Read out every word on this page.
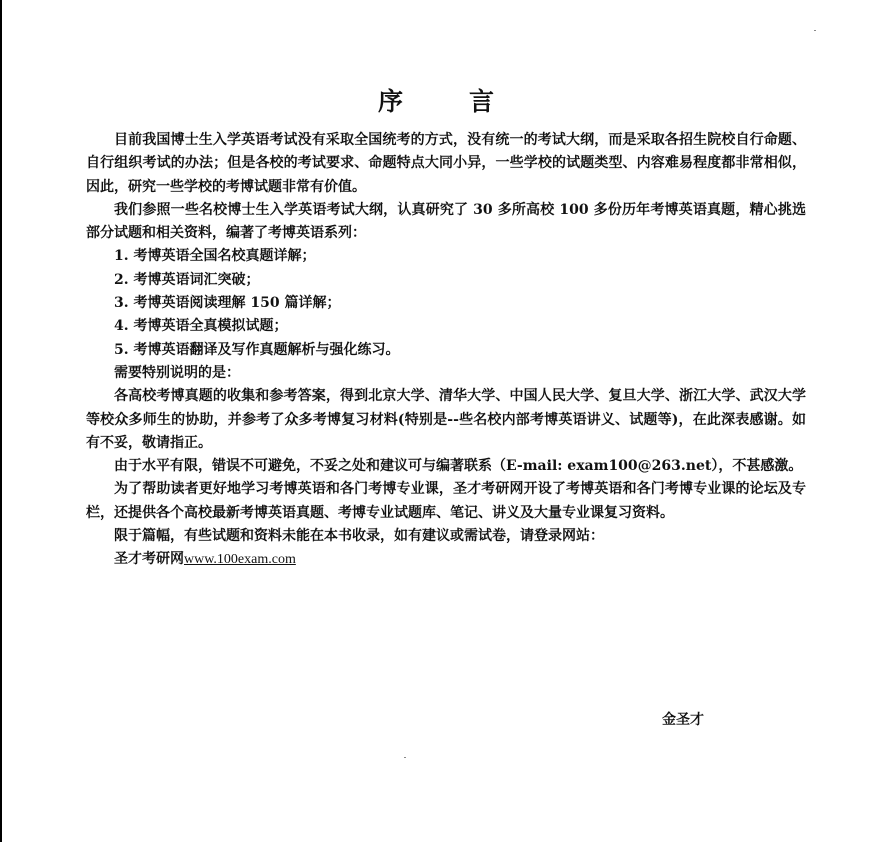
序	言

目前我国博士生入学英语考试没有采取全国统考的方式，没有统一的考试大纲，而是采取各招生院校自行命题、自行组织考试的办法；但是各校的考试要求、命题特点大同小异，一些学校的试题类型、内容难易程度都非常相似，因此，研究一些学校的考博试题非常有价值。

我们参照一些名校博士生入学英语考试大纲，认真研究了 30 多所高校 100 多份历年考博英语真题，精心挑选部分试题和相关资料，编著了考博英语系列：

1. 考博英语全国名校真题详解；

2. 考博英语词汇突破；

3. 考博英语阅读理解 150 篇详解；

4. 考博英语全真模拟试题；

5. 考博英语翻译及写作真题解析与强化练习。

需要特别说明的是：

各高校考博真题的收集和参考答案，得到北京大学、清华大学、中国人民大学、复旦大学、浙江大学、武汉大学等校众多师生的协助，并参考了众多考博复习材料(特别是--些名校内部考博英语讲义、试题等)，在此深表感谢。如有不妥，敬请指正。

由于水平有限，错误不可避免，不妥之处和建议可与编著联系（E-mail: exam100@263.net），不甚感激。

为了帮助读者更好地学习考博英语和各门考博专业课，圣才考研网开设了考博英语和各门考博专业课的论坛及专栏，还提供各个高校最新考博英语真题、考博专业试题库、笔记、讲义及大量专业课复习资料。

限于篇幅，有些试题和资料未能在本书收录，如有建议或需试卷，请登录网站：

圣才考研网www.100exam.com

金圣才
